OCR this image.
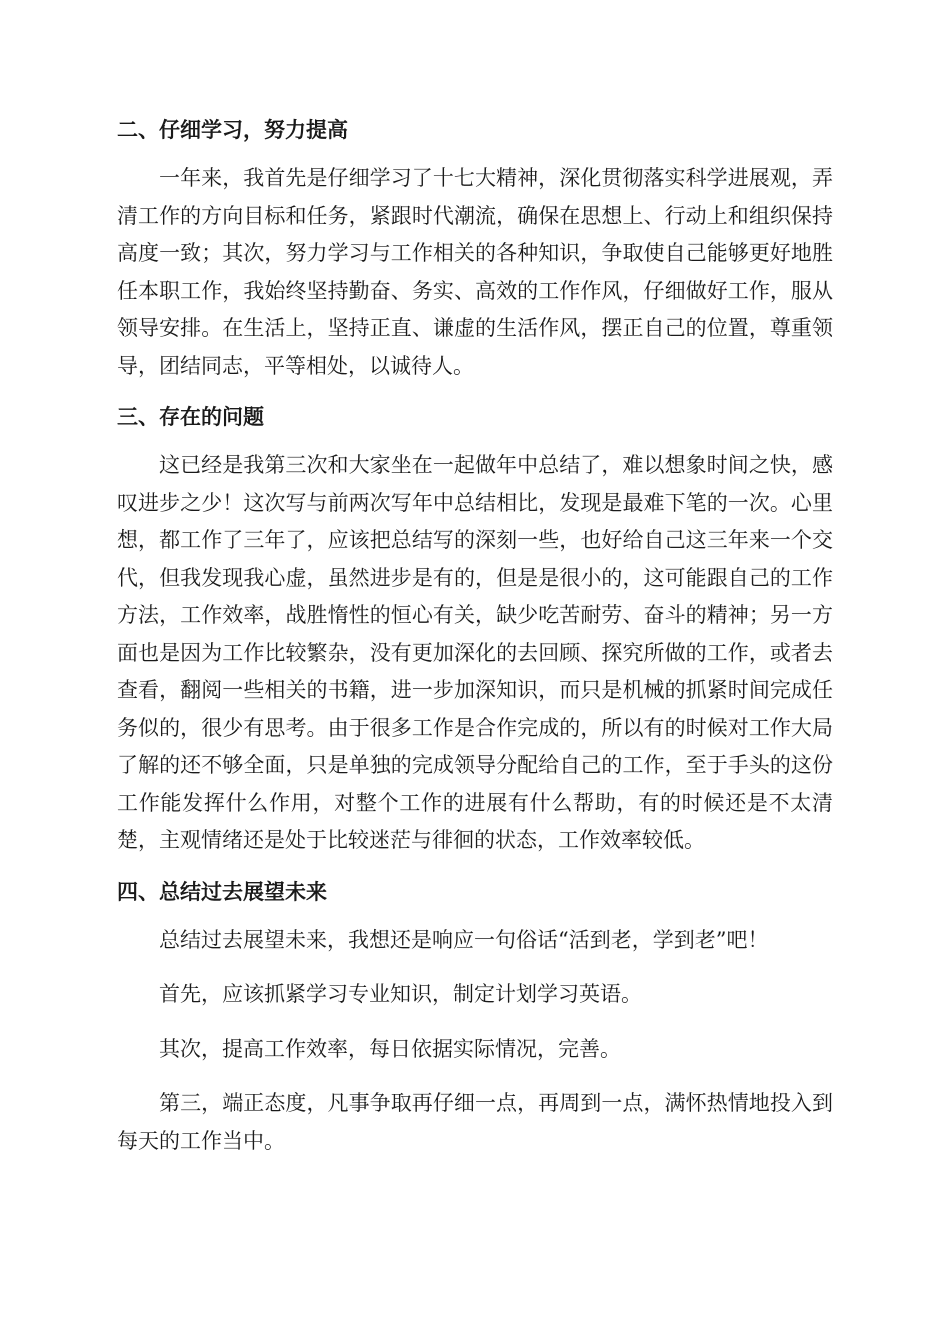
二、仔细学习，努力提高

一年来，我首先是仔细学习了十七大精神，深化贯彻落实科学进展观，弄清工作的方向目标和任务，紧跟时代潮流，确保在思想上、行动上和组织保持高度一致；其次，努力学习与工作相关的各种知识，争取使自己能够更好地胜任本职工作，我始终坚持勤奋、务实、高效的工作作风，仔细做好工作，服从领导安排。在生活上，坚持正直、谦虚的生活作风，摆正自己的位置，尊重领导，团结同志，平等相处，以诚待人。

三、存在的问题

这已经是我第三次和大家坐在一起做年中总结了，难以想象时间之快，感叹进步之少！这次写与前两次写年中总结相比，发现是最难下笔的一次。心里想，都工作了三年了，应该把总结写的深刻一些，也好给自己这三年来一个交代，但我发现我心虚，虽然进步是有的，但是是很小的，这可能跟自己的工作方法，工作效率，战胜惰性的恒心有关，缺少吃苦耐劳、奋斗的精神；另一方面也是因为工作比较繁杂，没有更加深化的去回顾、探究所做的工作，或者去查看，翻阅一些相关的书籍，进一步加深知识，而只是机械的抓紧时间完成任务似的，很少有思考。由于很多工作是合作完成的，所以有的时候对工作大局了解的还不够全面，只是单独的完成领导分配给自己的工作，至于手头的这份工作能发挥什么作用，对整个工作的进展有什么帮助，有的时候还是不太清楚，主观情绪还是处于比较迷茫与徘徊的状态，工作效率较低。

四、总结过去展望未来

总结过去展望未来，我想还是响应一句俗话“活到老，学到老”吧！

首先，应该抓紧学习专业知识，制定计划学习英语。

其次，提高工作效率，每日依据实际情况，完善。

第三，端正态度，凡事争取再仔细一点，再周到一点，满怀热情地投入到每天的工作当中。
